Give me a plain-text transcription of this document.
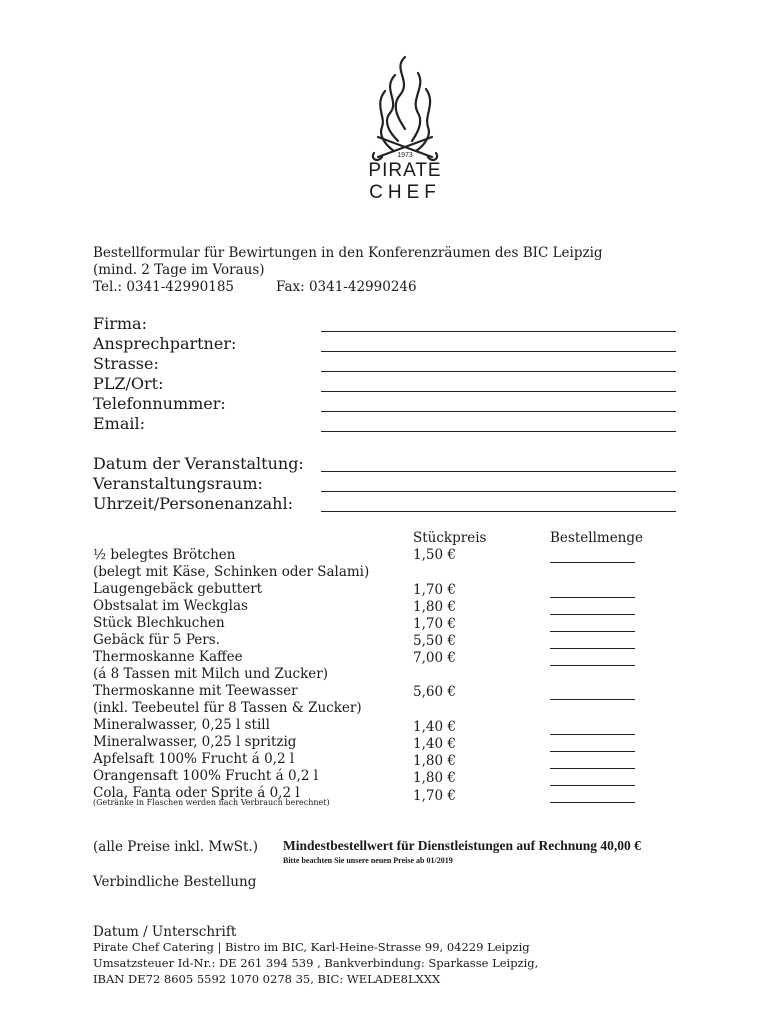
1973
PIRATE
CHEF
Bestellformular für Bewirtungen in den Konferenzräumen des BIC Leipzig
(mind. 2 Tage im Voraus)
Tel.: 0341-42990185	Fax: 0341-42990246
Firma:
Ansprechpartner:
Strasse:
PLZ/Ort:
Telefonnummer:
Email:
Datum der Veranstaltung:
Veranstaltungsraum:
Uhrzeit/Personenanzahl:
Stückpreis	Bestellmenge
½ belegtes Brötchen	1,50 €
(belegt mit Käse, Schinken oder Salami)
Laugengebäck gebuttert	1,70 €
Obstsalat im Weckglas	1,80 €
Stück Blechkuchen	1,70 €
Gebäck für 5 Pers.	5,50 €
Thermoskanne Kaffee	7,00 €
(á 8 Tassen mit Milch und Zucker)
Thermoskanne mit Teewasser	5,60 €
(inkl. Teebeutel für 8 Tassen & Zucker)
Mineralwasser, 0,25 l still	1,40 €
Mineralwasser, 0,25 l spritzig	1,40 €
Apfelsaft 100% Frucht á 0,2 l	1,80 €
Orangensaft 100% Frucht á 0,2 l	1,80 €
Cola, Fanta oder Sprite á 0,2 l	1,70 €
(Getränke in Flaschen werden nach Verbrauch berechnet)
(alle Preise inkl. MwSt.) Mindestbestellwert für Dienstleistungen auf Rechnung 40,00 €
Bitte beachten Sie unsere neuen Preise ab 01/2019
Verbindliche Bestellung
Datum / Unterschrift
Pirate Chef Catering | Bistro im BIC, Karl-Heine-Strasse 99, 04229 Leipzig
Umsatzsteuer Id-Nr.: DE 261 394 539 , Bankverbindung: Sparkasse Leipzig,
IBAN DE72 8605 5592 1070 0278 35, BIC: WELADE8LXXX
